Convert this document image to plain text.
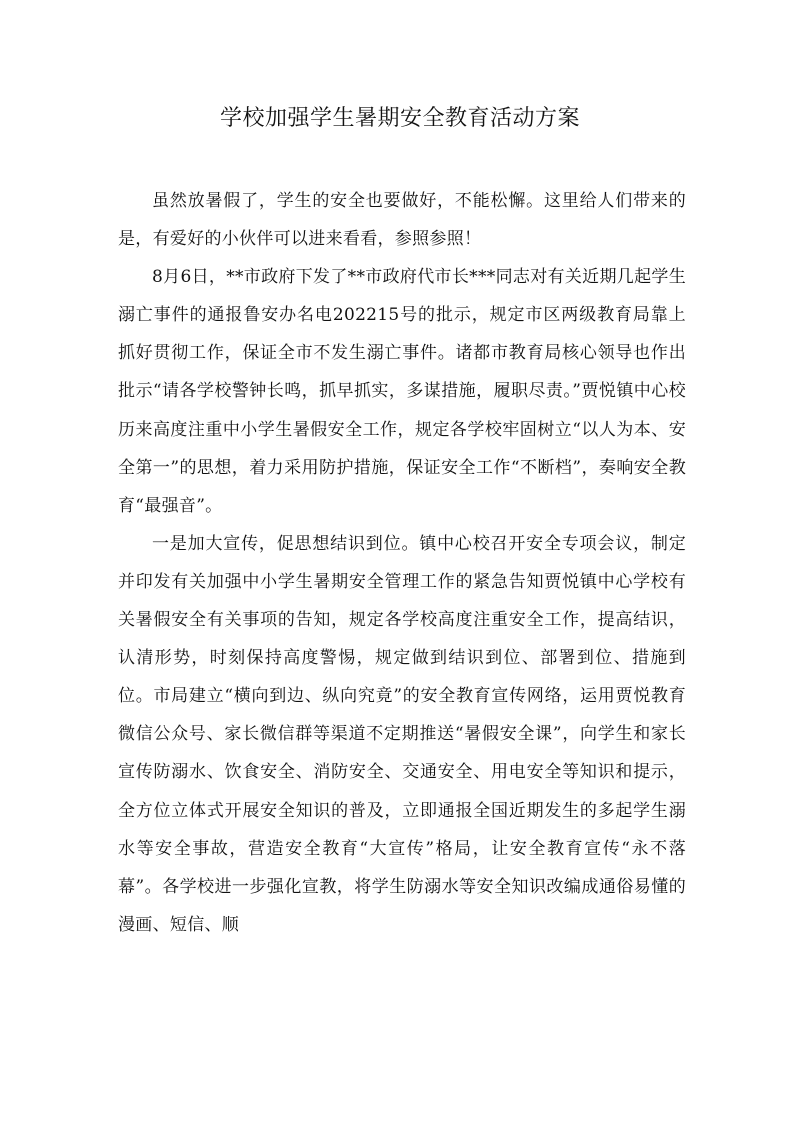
学校加强学生暑期安全教育活动方案

虽然放暑假了，学生的安全也要做好，不能松懈。这里给人们带来的是，有爱好的小伙伴可以进来看看，参照参照！

8月6日，**市政府下发了**市政府代市长***同志对有关近期几起学生溺亡事件的通报鲁安办名电202215号的批示，规定市区两级教育局靠上抓好贯彻工作，保证全市不发生溺亡事件。诸都市教育局核心领导也作出批示“请各学校警钟长鸣，抓早抓实，多谋措施，履职尽责。”贾悦镇中心校历来高度注重中小学生暑假安全工作，规定各学校牢固树立“以人为本、安全第一”的思想，着力采用防护措施，保证安全工作“不断档”，奏响安全教育“最强音”。

一是加大宣传，促思想结识到位。镇中心校召开安全专项会议，制定并印发有关加强中小学生暑期安全管理工作的紧急告知贾悦镇中心学校有关暑假安全有关事项的告知，规定各学校高度注重安全工作，提高结识，认清形势，时刻保持高度警惕，规定做到结识到位、部署到位、措施到位。市局建立“横向到边、纵向究竟”的安全教育宣传网络，运用贾悦教育微信公众号、家长微信群等渠道不定期推送“暑假安全课”，向学生和家长宣传防溺水、饮食安全、消防安全、交通安全、用电安全等知识和提示，全方位立体式开展安全知识的普及，立即通报全国近期发生的多起学生溺水等安全事故，营造安全教育“大宣传”格局，让安全教育宣传“永不落幕”。各学校进一步强化宣教，将学生防溺水等安全知识改编成通俗易懂的漫画、短信、顺
